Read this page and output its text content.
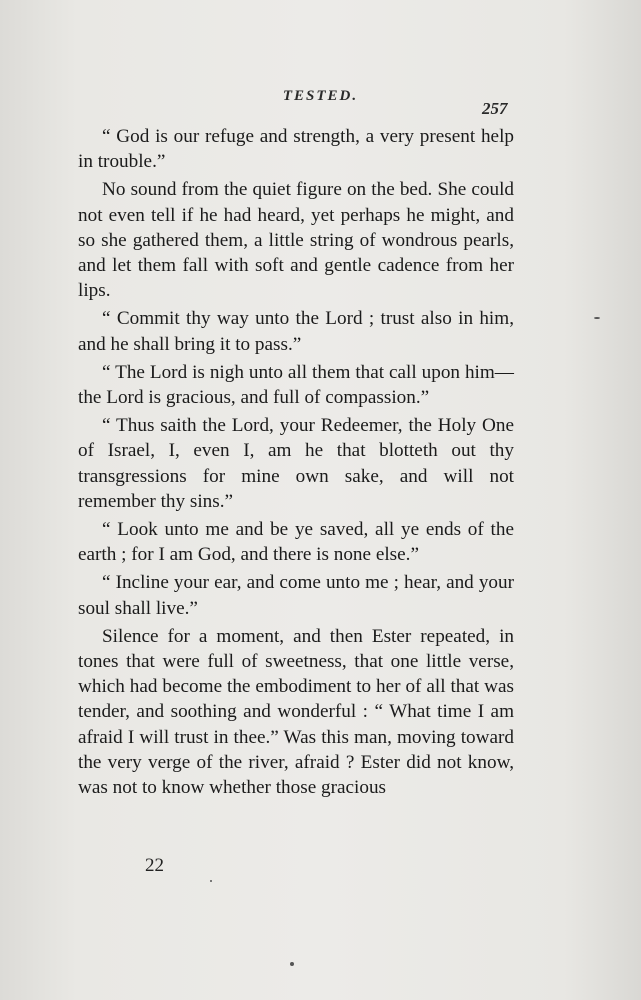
TESTED.
257

“ God is our refuge and strength, a very present help in trouble.”

No sound from the quiet figure on the bed. She could not even tell if he had heard, yet perhaps he might, and so she gathered them, a little string of wondrous pearls, and let them fall with soft and gentle cadence from her lips.

“ Commit thy way unto the Lord ; trust also in him, and he shall bring it to pass.”

“ The Lord is nigh unto all them that call upon him—the Lord is gracious, and full of compassion.”

“ Thus saith the Lord, your Redeemer, the Holy One of Israel, I, even I, am he that blotteth out thy transgressions for mine own sake, and will not remember thy sins.”

“ Look unto me and be ye saved, all ye ends of the earth ; for I am God, and there is none else.”

“ Incline your ear, and come unto me ; hear, and your soul shall live.”

Silence for a moment, and then Ester repeated, in tones that were full of sweetness, that one little verse, which had become the embodiment to her of all that was tender, and soothing and wonderful : “ What time I am afraid I will trust in thee.” Was this man, moving toward the very verge of the river, afraid ? Ester did not know, was not to know whether those gracious

22
